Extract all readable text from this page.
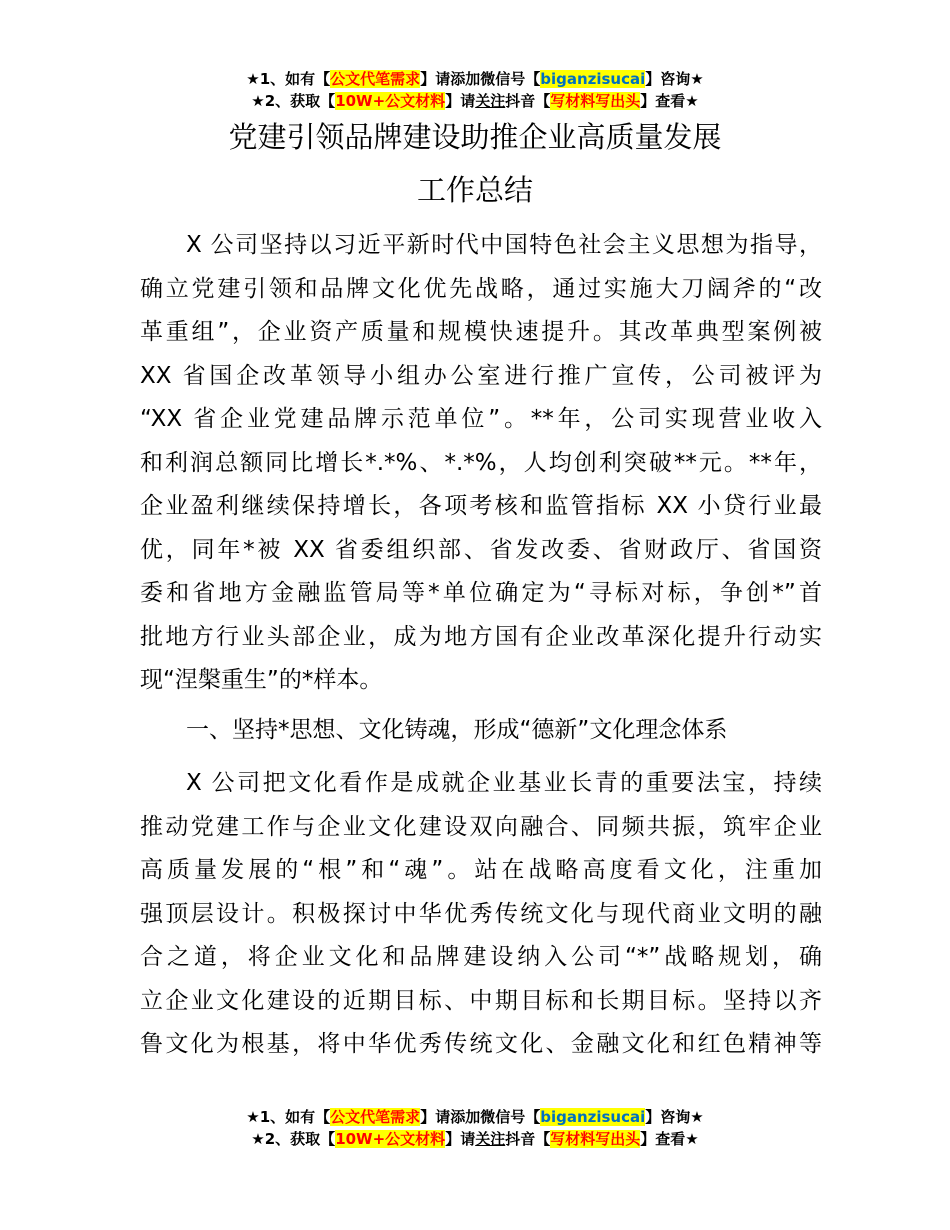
★1、如有【公文代笔需求】请添加微信号【biganzisucai】咨询★
★2、获取【10W+公文材料】请关注抖音【写材料写出头】查看★
党建引领品牌建设助推企业高质量发展
工作总结
X 公司坚持以习近平新时代中国特色社会主义思想为指导，
确立党建引领和品牌文化优先战略，通过实施大刀阔斧的“改
革重组”，企业资产质量和规模快速提升。其改革典型案例被
XX 省国企改革领导小组办公室进行推广宣传，公司被评为
“XX 省企业党建品牌示范单位”。**年，公司实现营业收入
和利润总额同比增长*.*%、*.*%，人均创利突破**元。**年，
企业盈利继续保持增长，各项考核和监管指标 XX 小贷行业最
优，同年*被 XX 省委组织部、省发改委、省财政厅、省国资
委和省地方金融监管局等*单位确定为“寻标对标，争创*”首
批地方行业头部企业，成为地方国有企业改革深化提升行动实
现“涅槃重生”的*样本。
一、坚持*思想、文化铸魂，形成“德新”文化理念体系
X 公司把文化看作是成就企业基业长青的重要法宝，持续
推动党建工作与企业文化建设双向融合、同频共振，筑牢企业
高质量发展的“根”和“魂”。站在战略高度看文化，注重加
强顶层设计。积极探讨中华优秀传统文化与现代商业文明的融
合之道，将企业文化和品牌建设纳入公司“*”战略规划，确
立企业文化建设的近期目标、中期目标和长期目标。坚持以齐
鲁文化为根基，将中华优秀传统文化、金融文化和红色精神等
★1、如有【公文代笔需求】请添加微信号【biganzisucai】咨询★
★2、获取【10W+公文材料】请关注抖音【写材料写出头】查看★
